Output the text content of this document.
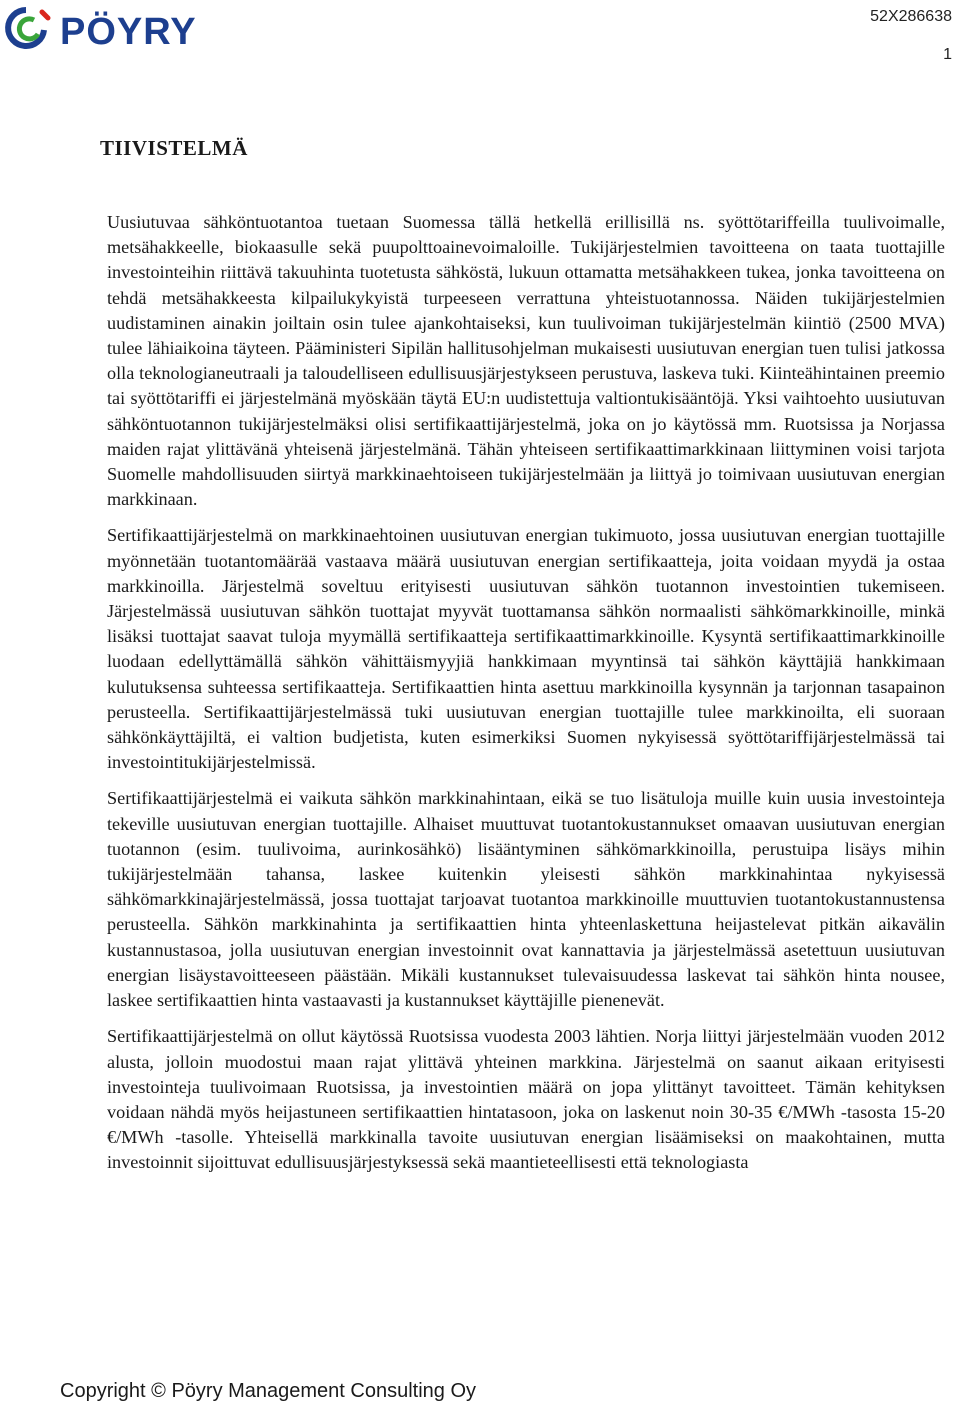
PÖYRY	52X286638
1
TIIVISTELMÄ

Uusiutuvaa sähköntuotantoa tuetaan Suomessa tällä hetkellä erillisillä ns. syöttötariffeilla tuulivoimalle, metsähakkeelle, biokaasulle sekä puupolttoainevoimaloille. Tukijärjestelmien tavoitteena on taata tuottajille investointeihin riittävä takuuhinta tuotetusta sähköstä, lukuun ottamatta metsähakkeen tukea, jonka tavoitteena on tehdä metsähakkeesta kilpailukykyistä turpeeseen verrattuna yhteistuotannossa. Näiden tukijärjestelmien uudistaminen ainakin joiltain osin tulee ajankohtaiseksi, kun tuulivoiman tukijärjestelmän kiintiö (2500 MVA) tulee lähiaikoina täyteen. Pääministeri Sipilän hallitusohjelman mukaisesti uusiutuvan energian tuen tulisi jatkossa olla teknologianeutraali ja taloudelliseen edullisuusjärjestykseen perustuva, laskeva tuki. Kiinteähintainen preemio tai syöttötariffi ei järjestelmänä myöskään täytä EU:n uudistettuja valtiontukisääntöjä. Yksi vaihtoehto uusiutuvan sähköntuotannon tukijärjestelmäksi olisi sertifikaattijärjestelmä, joka on jo käytössä mm. Ruotsissa ja Norjassa maiden rajat ylittävänä yhteisenä järjestelmänä. Tähän yhteiseen sertifikaattimarkkinaan liittyminen voisi tarjota Suomelle mahdollisuuden siirtyä markkinaehtoiseen tukijärjestelmään ja liittyä jo toimivaan uusiutuvan energian markkinaan.

Sertifikaattijärjestelmä on markkinaehtoinen uusiutuvan energian tukimuoto, jossa uusiutuvan energian tuottajille myönnetään tuotantomäärää vastaava määrä uusiutuvan energian sertifikaatteja, joita voidaan myydä ja ostaa markkinoilla. Järjestelmä soveltuu erityisesti uusiutuvan sähkön tuotannon investointien tukemiseen. Järjestelmässä uusiutuvan sähkön tuottajat myyvät tuottamansa sähkön normaalisti sähkömarkkinoille, minkä lisäksi tuottajat saavat tuloja myymällä sertifikaatteja sertifikaattimarkkinoille. Kysyntä sertifikaattimarkkinoille luodaan edellyttämällä sähkön vähittäismyyjiä hankkimaan myyntinsä tai sähkön käyttäjiä hankkimaan kulutuksensa suhteessa sertifikaatteja. Sertifikaattien hinta asettuu markkinoilla kysynnän ja tarjonnan tasapainon perusteella. Sertifikaattijärjestelmässä tuki uusiutuvan energian tuottajille tulee markkinoilta, eli suoraan sähkönkäyttäjiltä, ei valtion budjetista, kuten esimerkiksi Suomen nykyisessä syöttötariffijärjestelmässä tai investointitukijärjestelmissä.

Sertifikaattijärjestelmä ei vaikuta sähkön markkinahintaan, eikä se tuo lisätuloja muille kuin uusia investointeja tekeville uusiutuvan energian tuottajille. Alhaiset muuttuvat tuotantokustannukset omaavan uusiutuvan energian tuotannon (esim. tuulivoima, aurinkosähkö) lisääntyminen sähkömarkkinoilla, perustuipa lisäys mihin tukijärjestelmään tahansa, laskee kuitenkin yleisesti sähkön markkinahintaa nykyisessä sähkömarkkinajärjestelmässä, jossa tuottajat tarjoavat tuotantoa markkinoille muuttuvien tuotantokustannustensa perusteella. Sähkön markkinahinta ja sertifikaattien hinta yhteenlaskettuna heijastelevat pitkän aikavälin kustannustasoa, jolla uusiutuvan energian investoinnit ovat kannattavia ja järjestelmässä asetettuun uusiutuvan energian lisäystavoitteeseen päästään. Mikäli kustannukset tulevaisuudessa laskevat tai sähkön hinta nousee, laskee sertifikaattien hinta vastaavasti ja kustannukset käyttäjille pienenevät.

Sertifikaattijärjestelmä on ollut käytössä Ruotsissa vuodesta 2003 lähtien. Norja liittyi järjestelmään vuoden 2012 alusta, jolloin muodostui maan rajat ylittävä yhteinen markkina. Järjestelmä on saanut aikaan erityisesti investointeja tuulivoimaan Ruotsissa, ja investointien määrä on jopa ylittänyt tavoitteet. Tämän kehityksen voidaan nähdä myös heijastuneen sertifikaattien hintatasoon, joka on laskenut noin 30-35 €/MWh -tasosta 15-20 €/MWh -tasolle. Yhteisellä markkinalla tavoite uusiutuvan energian lisäämiseksi on maakohtainen, mutta investoinnit sijoittuvat edullisuusjärjestyksessä sekä maantieteellisesti että teknologiasta

Copyright © Pöyry Management Consulting Oy
